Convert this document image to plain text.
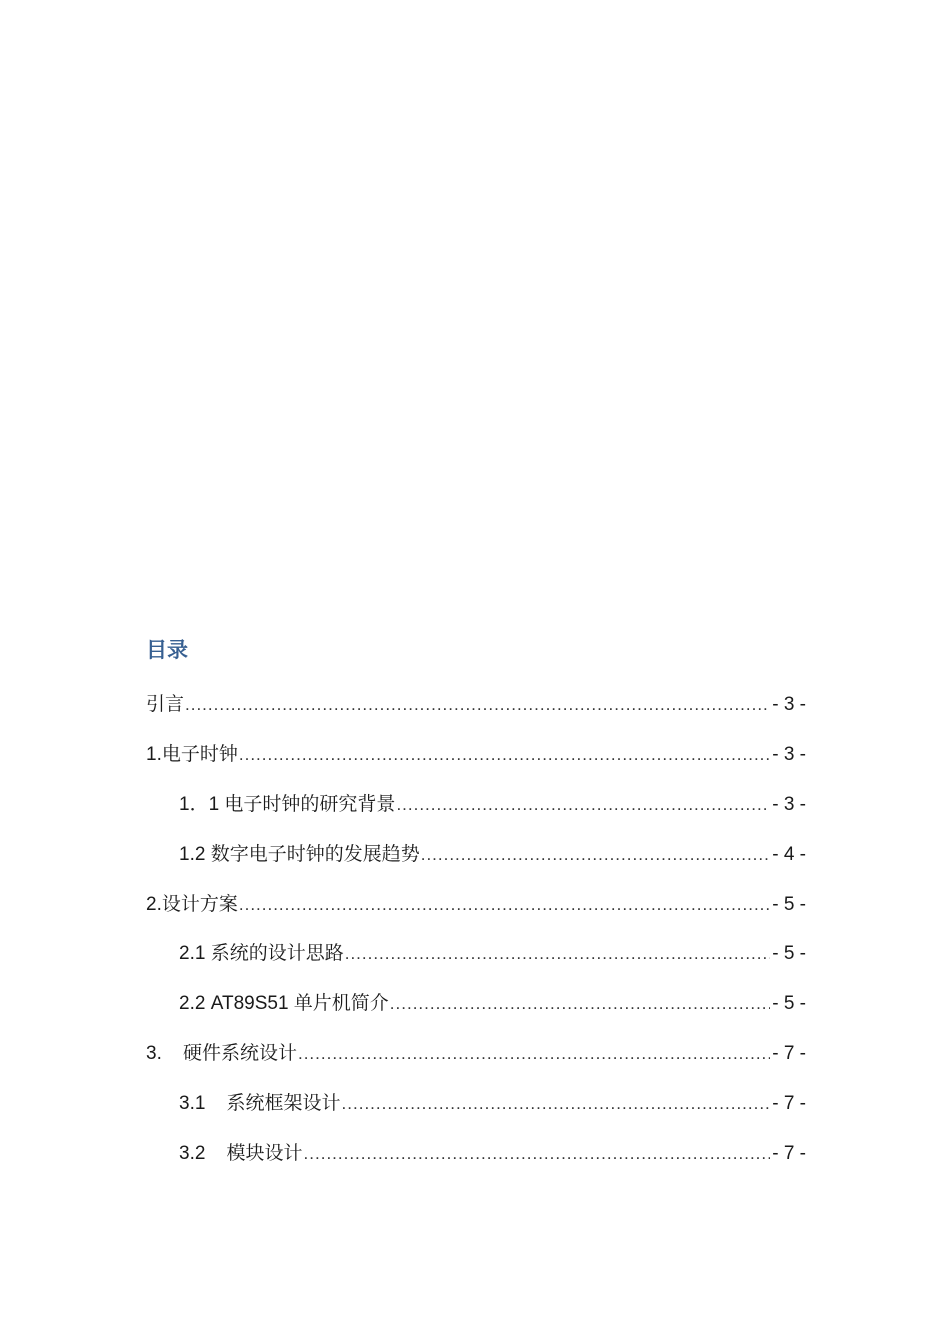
目录
引言 .....	- 3 -
1. 电子时钟 .....	- 3 -
1．1 电子时钟的研究背景 .....	- 3 -
1.2 数字电子时钟的发展趋势 .....	- 4 -
2. 设计方案 .....	- 5 -
2.1 系统的设计思路 .....	- 5 -
2.2 AT89S51 单片机简介 .....	- 5 -
3. 硬件系统设计 .....	- 7 -
3.1 系统框架设计 .....	- 7 -
3.2 模块设计 .....	- 7 -
